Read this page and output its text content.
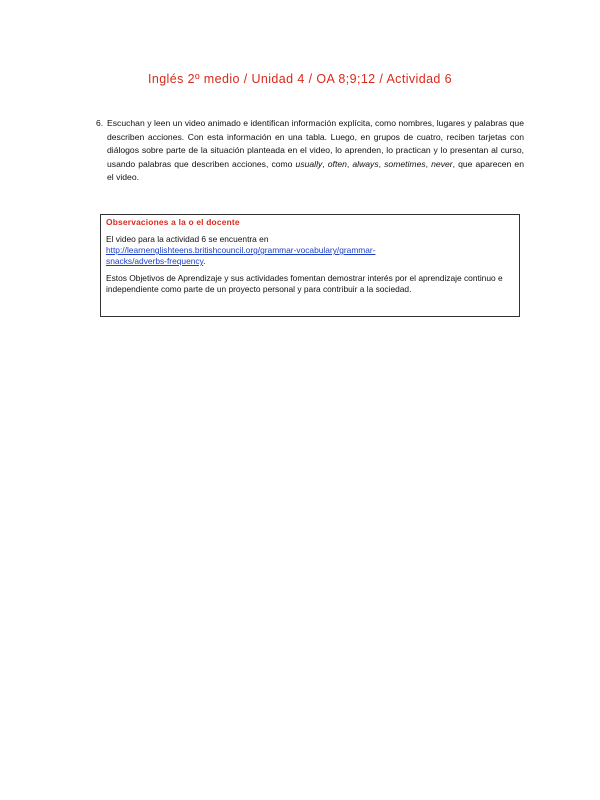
Inglés 2º medio / Unidad 4 / OA 8;9;12 / Actividad 6
6. Escuchan y leen un video animado e identifican información explícita, como nombres, lugares y palabras que describen acciones. Con esta información en una tabla. Luego, en grupos de cuatro, reciben tarjetas con diálogos sobre parte de la situación planteada en el video, lo aprenden, lo practican y lo presentan al curso, usando palabras que describen acciones, como usually, often, always, sometimes, never, que aparecen en el video.
Observaciones a la o el docente

El video para la actividad 6 se encuentra en
http://learnenglishteens.britishcouncil.org/grammar-vocabulary/grammar-
snacks/adverbs-frequency.

Estos Objetivos de Aprendizaje y sus actividades fomentan demostrar interés por el aprendizaje continuo e independiente como parte de un proyecto personal y para contribuir a la sociedad.
